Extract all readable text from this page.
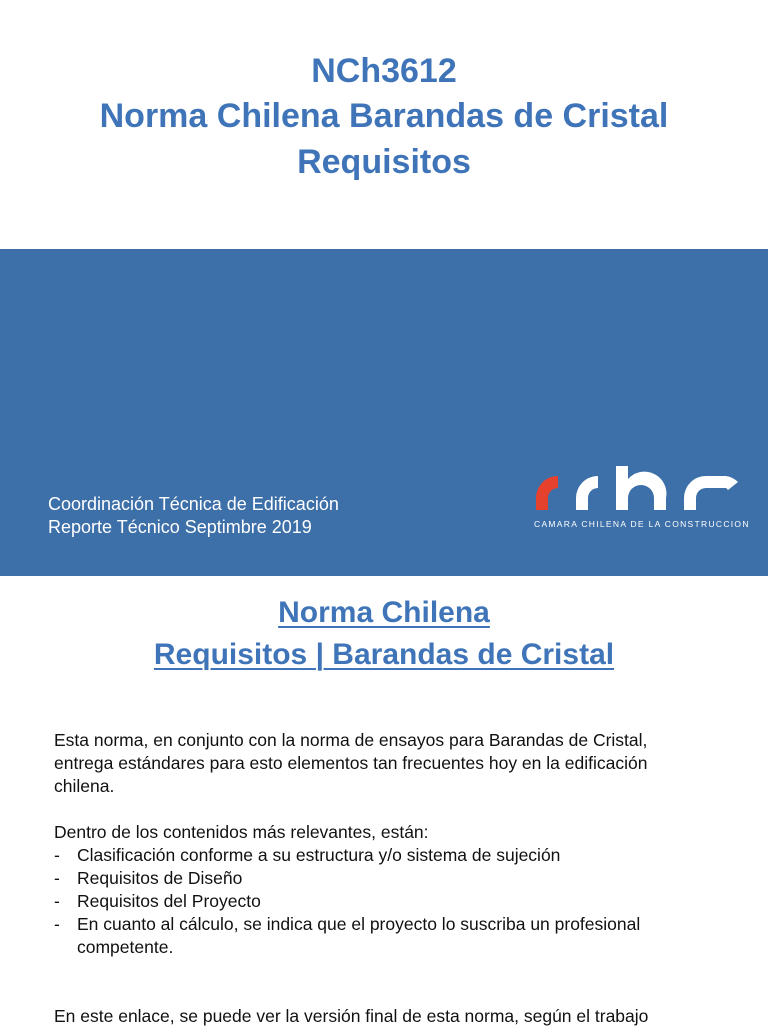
NCh3612
Norma Chilena Barandas de Cristal
Requisitos
Coordinación Técnica de Edificación
Reporte Técnico Septimbre 2019	CAMARA CHILENA DE LA CONSTRUCCION
Norma Chilena
Requisitos | Barandas de Cristal
Esta norma, en conjunto con la norma de ensayos para Barandas de Cristal,
entrega estándares para esto elementos tan frecuentes hoy en la edificación
chilena.
Dentro de los contenidos más relevantes, están:
- Clasificación conforme a su estructura y/o sistema de sujeción
- Requisitos de Diseño
- Requisitos del Proyecto
- En cuanto al cálculo, se indica que el proyecto lo suscriba un profesional
competente.
En este enlace, se puede ver la versión final de esta norma, según el trabajo
